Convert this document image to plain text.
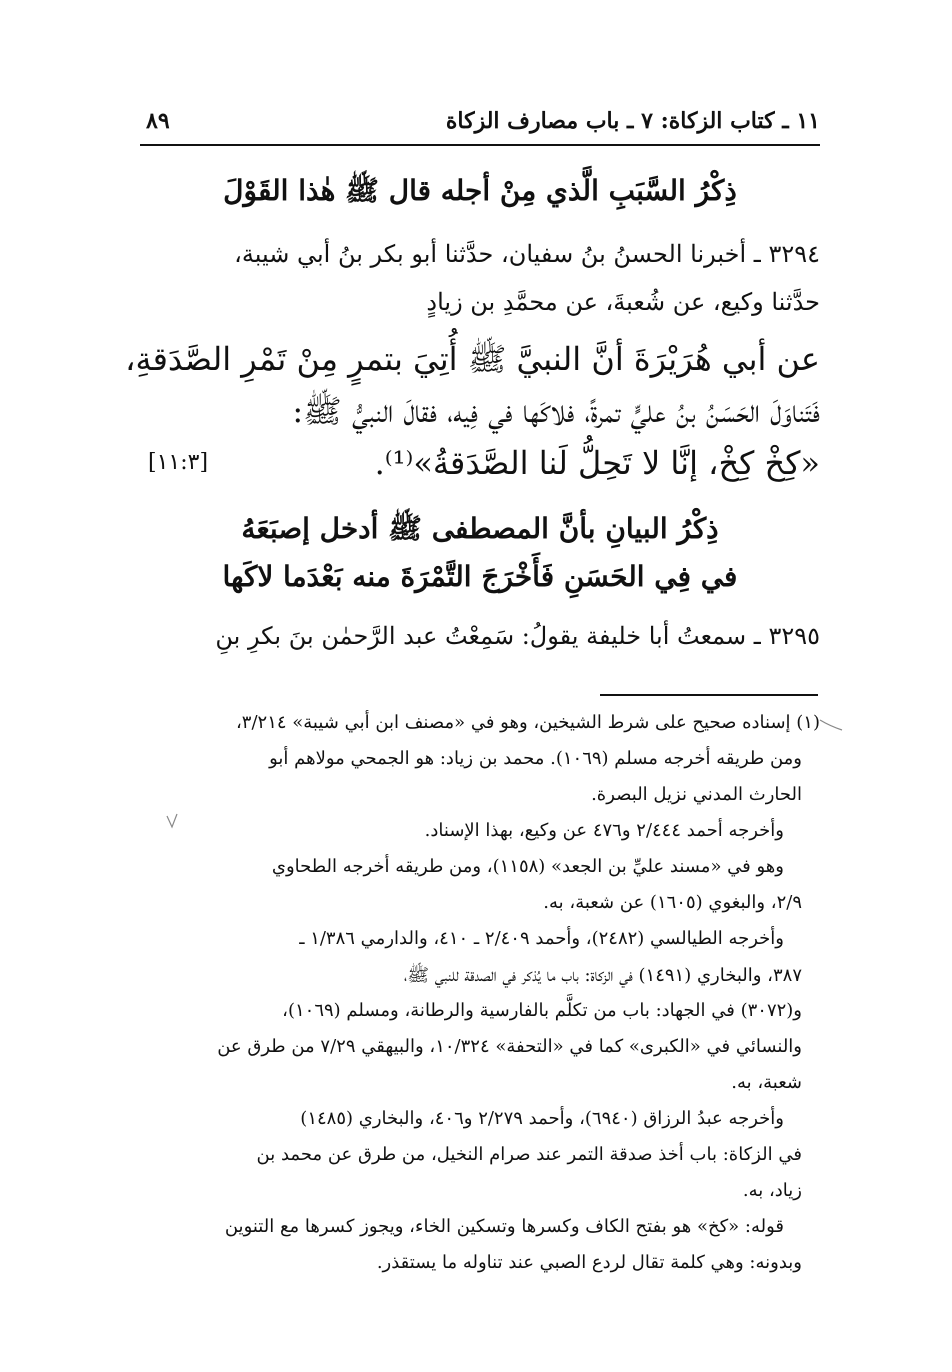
١١ ـ كتاب الزكاة: ٧ ـ باب مصارف الزكاة
٨٩
ذِكْرُ السَّبَبِ الَّذي مِنْ أجله قال ﷺ هٰذا القَوْلَ
٣٢٩٤ ـ أخبرنا الحسنُ بنُ سفيان، حدَّثنا أبو بكر بنُ أبي شيبة،
حدَّثنا وكيع، عن شُعبةَ، عن محمَّدِ بن زيادٍ
عن أبي هُرَيْرَةَ أنَّ النبيَّ ﷺ أُتِيَ بتمرٍ مِنْ تَمْرِ الصَّدَقةِ،
فَتَناوَلَ الحَسَنُ بنُ عليٍّ تمرةً، فلاكَها في فِيه، فقالَ النبيُّ ﷺ:
«كِخْ كِخْ، إنَّا لا تَحِلُّ لَنا الصَّدَقةُ»⁽¹⁾.
[١١:٣]
ذِكْرُ البيانِ بأنَّ المصطفى ﷺ أدخل إصبَعَهُ
في فِي الحَسَنِ فَأَخْرَجَ التَّمْرَةَ منه بَعْدَما لاكَها
٣٢٩٥ ـ سمعتُ أبا خليفة يقولُ: سَمِعْتُ عبد الرَّحمٰن بنَ بكرِ بنِ
(١) إسناده صحيح على شرط الشيخين، وهو في «مصنف ابن أبي شيبة» ٣/٢١٤،
ومن طريقه أخرجه مسلم (١٠٦٩). محمد بن زياد: هو الجمحي مولاهم أبو
الحارث المدني نزيل البصرة.
وأخرجه أحمد ٢/٤٤٤ و٤٧٦ عن وكيع، بهذا الإسناد.
وهو في «مسند عليِّ بن الجعد» (١١٥٨)، ومن طريقه أخرجه الطحاوي
٢/٩، والبغوي (١٦٠٥) عن شعبة، به.
وأخرجه الطيالسي (٢٤٨٢)، وأحمد ٢/٤٠٩ ـ ٤١٠، والدارمي ١/٣٨٦ ـ
٣٨٧، والبخاري (١٤٩١) في الزكاة: باب ما يُذكر في الصدقة للنبي ﷺ،
و(٣٠٧٢) في الجهاد: باب من تكلَّم بالفارسية والرطانة، ومسلم (١٠٦٩)،
والنسائي في «الكبرى» كما في «التحفة» ١٠/٣٢٤، والبيهقي ٧/٢٩ من طرق عن
شعبة، به.
وأخرجه عبدُ الرزاق (٦٩٤٠)، وأحمد ٢/٢٧٩ و٤٠٦، والبخاري (١٤٨٥)
في الزكاة: باب أخذ صدقة التمر عند صرام النخيل، من طرق عن محمد بن
زياد، به.
قوله: «كخ» هو بفتح الكاف وكسرها وتسكين الخاء، ويجوز كسرها مع التنوين
وبدونه: وهي كلمة تقال لردع الصبي عند تناوله ما يستقذر.
